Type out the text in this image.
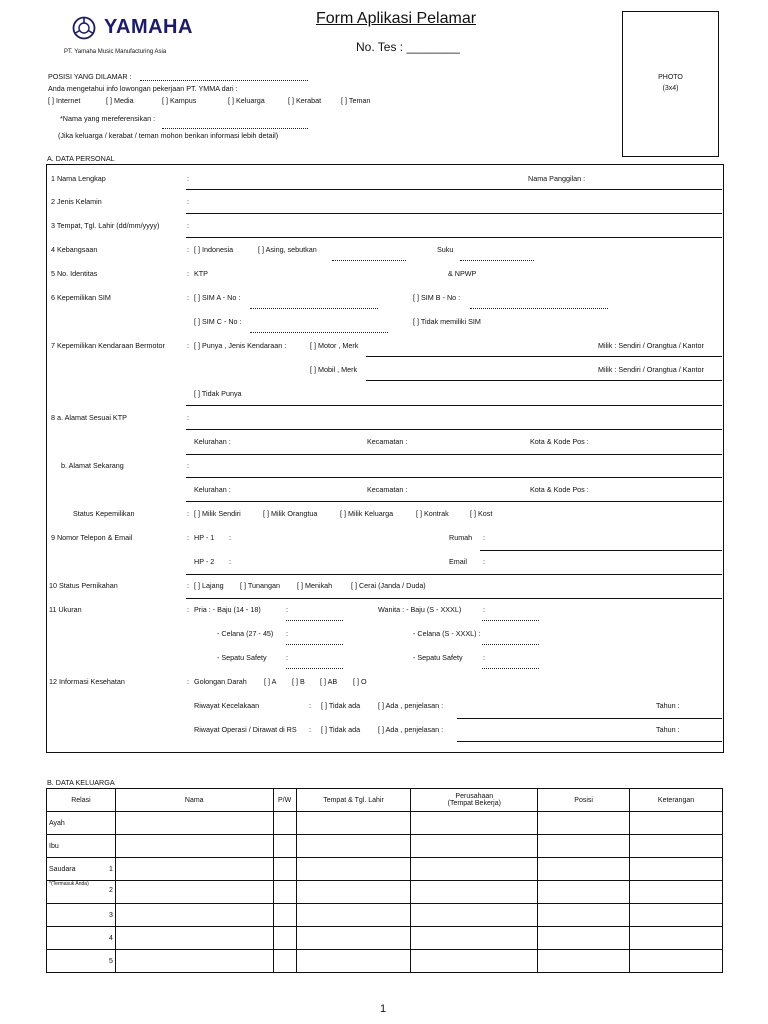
YAMAHA
PT. Yamaha Music Manufacturing Asia
Form Aplikasi Pelamar
No. Tes : ________
PHOTO
(3x4)
POSISI YANG DILAMAR :
Anda mengetahui info lowongan pekerjaan PT. YMMA dari :
[ ] Internet	[ ] Media	[ ] Kampus	[ ] Keluarga	[ ] Kerabat	[ ] Teman
*Nama yang mereferensikan :
(Jika keluarga / kerabat / teman mohon berikan informasi lebih detail)
A. DATA PERSONAL
1 Nama Lengkap	:	Nama Panggilan :
2 Jenis Kelamin	:
3 Tempat, Tgl. Lahir (dd/mm/yyyy)	:
4 Kebangsaan	: [ ] Indonesia	[ ] Asing, sebutkan	Suku
5 No. Identitas	: KTP	& NPWP
6 Kepemilikan SIM	: [ ] SIM A - No :	[ ] SIM B - No :
[ ] SIM C - No :	[ ] Tidak memiliki SIM
7 Kepemilikan Kendaraan Bermotor	: [ ] Punya , Jenis Kendaraan :	[ ] Motor , Merk	Milik : Sendiri / Orangtua / Kantor
[ ] Mobil , Merk	Milik : Sendiri / Orangtua / Kantor
[ ] Tidak Punya
8 a. Alamat Sesuai KTP	:
Kelurahan :	Kecamatan :	Kota & Kode Pos :
b. Alamat Sekarang	:
Kelurahan :	Kecamatan :	Kota & Kode Pos :
Status Kepemilikan	: [ ] Milik Sendiri	[ ] Milik Orangtua	[ ] Milik Keluarga	[ ] Kontrak	[ ] Kost
9 Nomor Telepon & Email	: HP - 1 :	Rumah :
HP - 2 :	Email :
10 Status Pernikahan	: [ ] Lajang [ ] Tunangan [ ] Menikah	[ ] Cerai (Janda / Duda)
11 Ukuran	: Pria : - Baju (14 - 18)	:	Wanita : - Baju (S - XXXL)	:
- Celana (27 - 45) :	- Celana (S - XXXL) :
- Sepatu Safety	:	- Sepatu Safety	:
12 Informasi Kesehatan	: Golongan Darah [ ] A [ ] B [ ] AB [ ] O
Riwayat Kecelakaan	: [ ] Tidak ada [ ] Ada , penjelasan :	Tahun :
Riwayat Operasi / Dirawat di RS : [ ] Tidak ada [ ] Ada , penjelasan :	Tahun :
B. DATA KELUARGA
Relasi	Nama	P/W	Tempat & Tgl. Lahir	Perusahaan
(Tempat Bekerja)	Posisi	Keterangan
Ayah						
Ibu						
Saudara 1						

*(Termasuk Anda)
2						

3						

4						

5						

1
